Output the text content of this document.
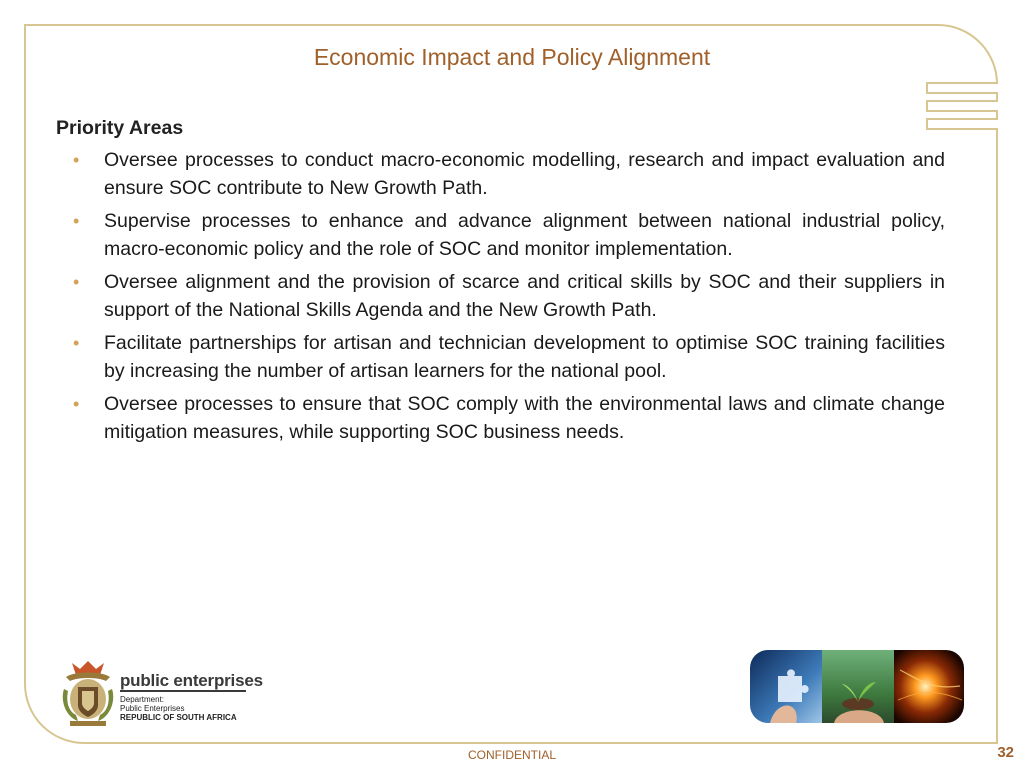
Economic Impact and Policy Alignment
Priority Areas
• Oversee processes to conduct macro-economic modelling, research and impact evaluation and ensure SOC contribute to New Growth Path.
• Supervise processes to enhance and advance alignment between national industrial policy, macro-economic policy and the role of SOC and monitor implementation.
• Oversee alignment and the provision of scarce and critical skills by SOC and their suppliers in support of the National Skills Agenda and the New Growth Path.
• Facilitate partnerships for artisan and technician development to optimise SOC training facilities by increasing the number of artisan learners for the national pool.
• Oversee processes to ensure that SOC comply with the environmental laws and climate change mitigation measures, while supporting SOC business needs.
public enterprises
Department:
Public Enterprises
REPUBLIC OF SOUTH AFRICA
CONFIDENTIAL	32
